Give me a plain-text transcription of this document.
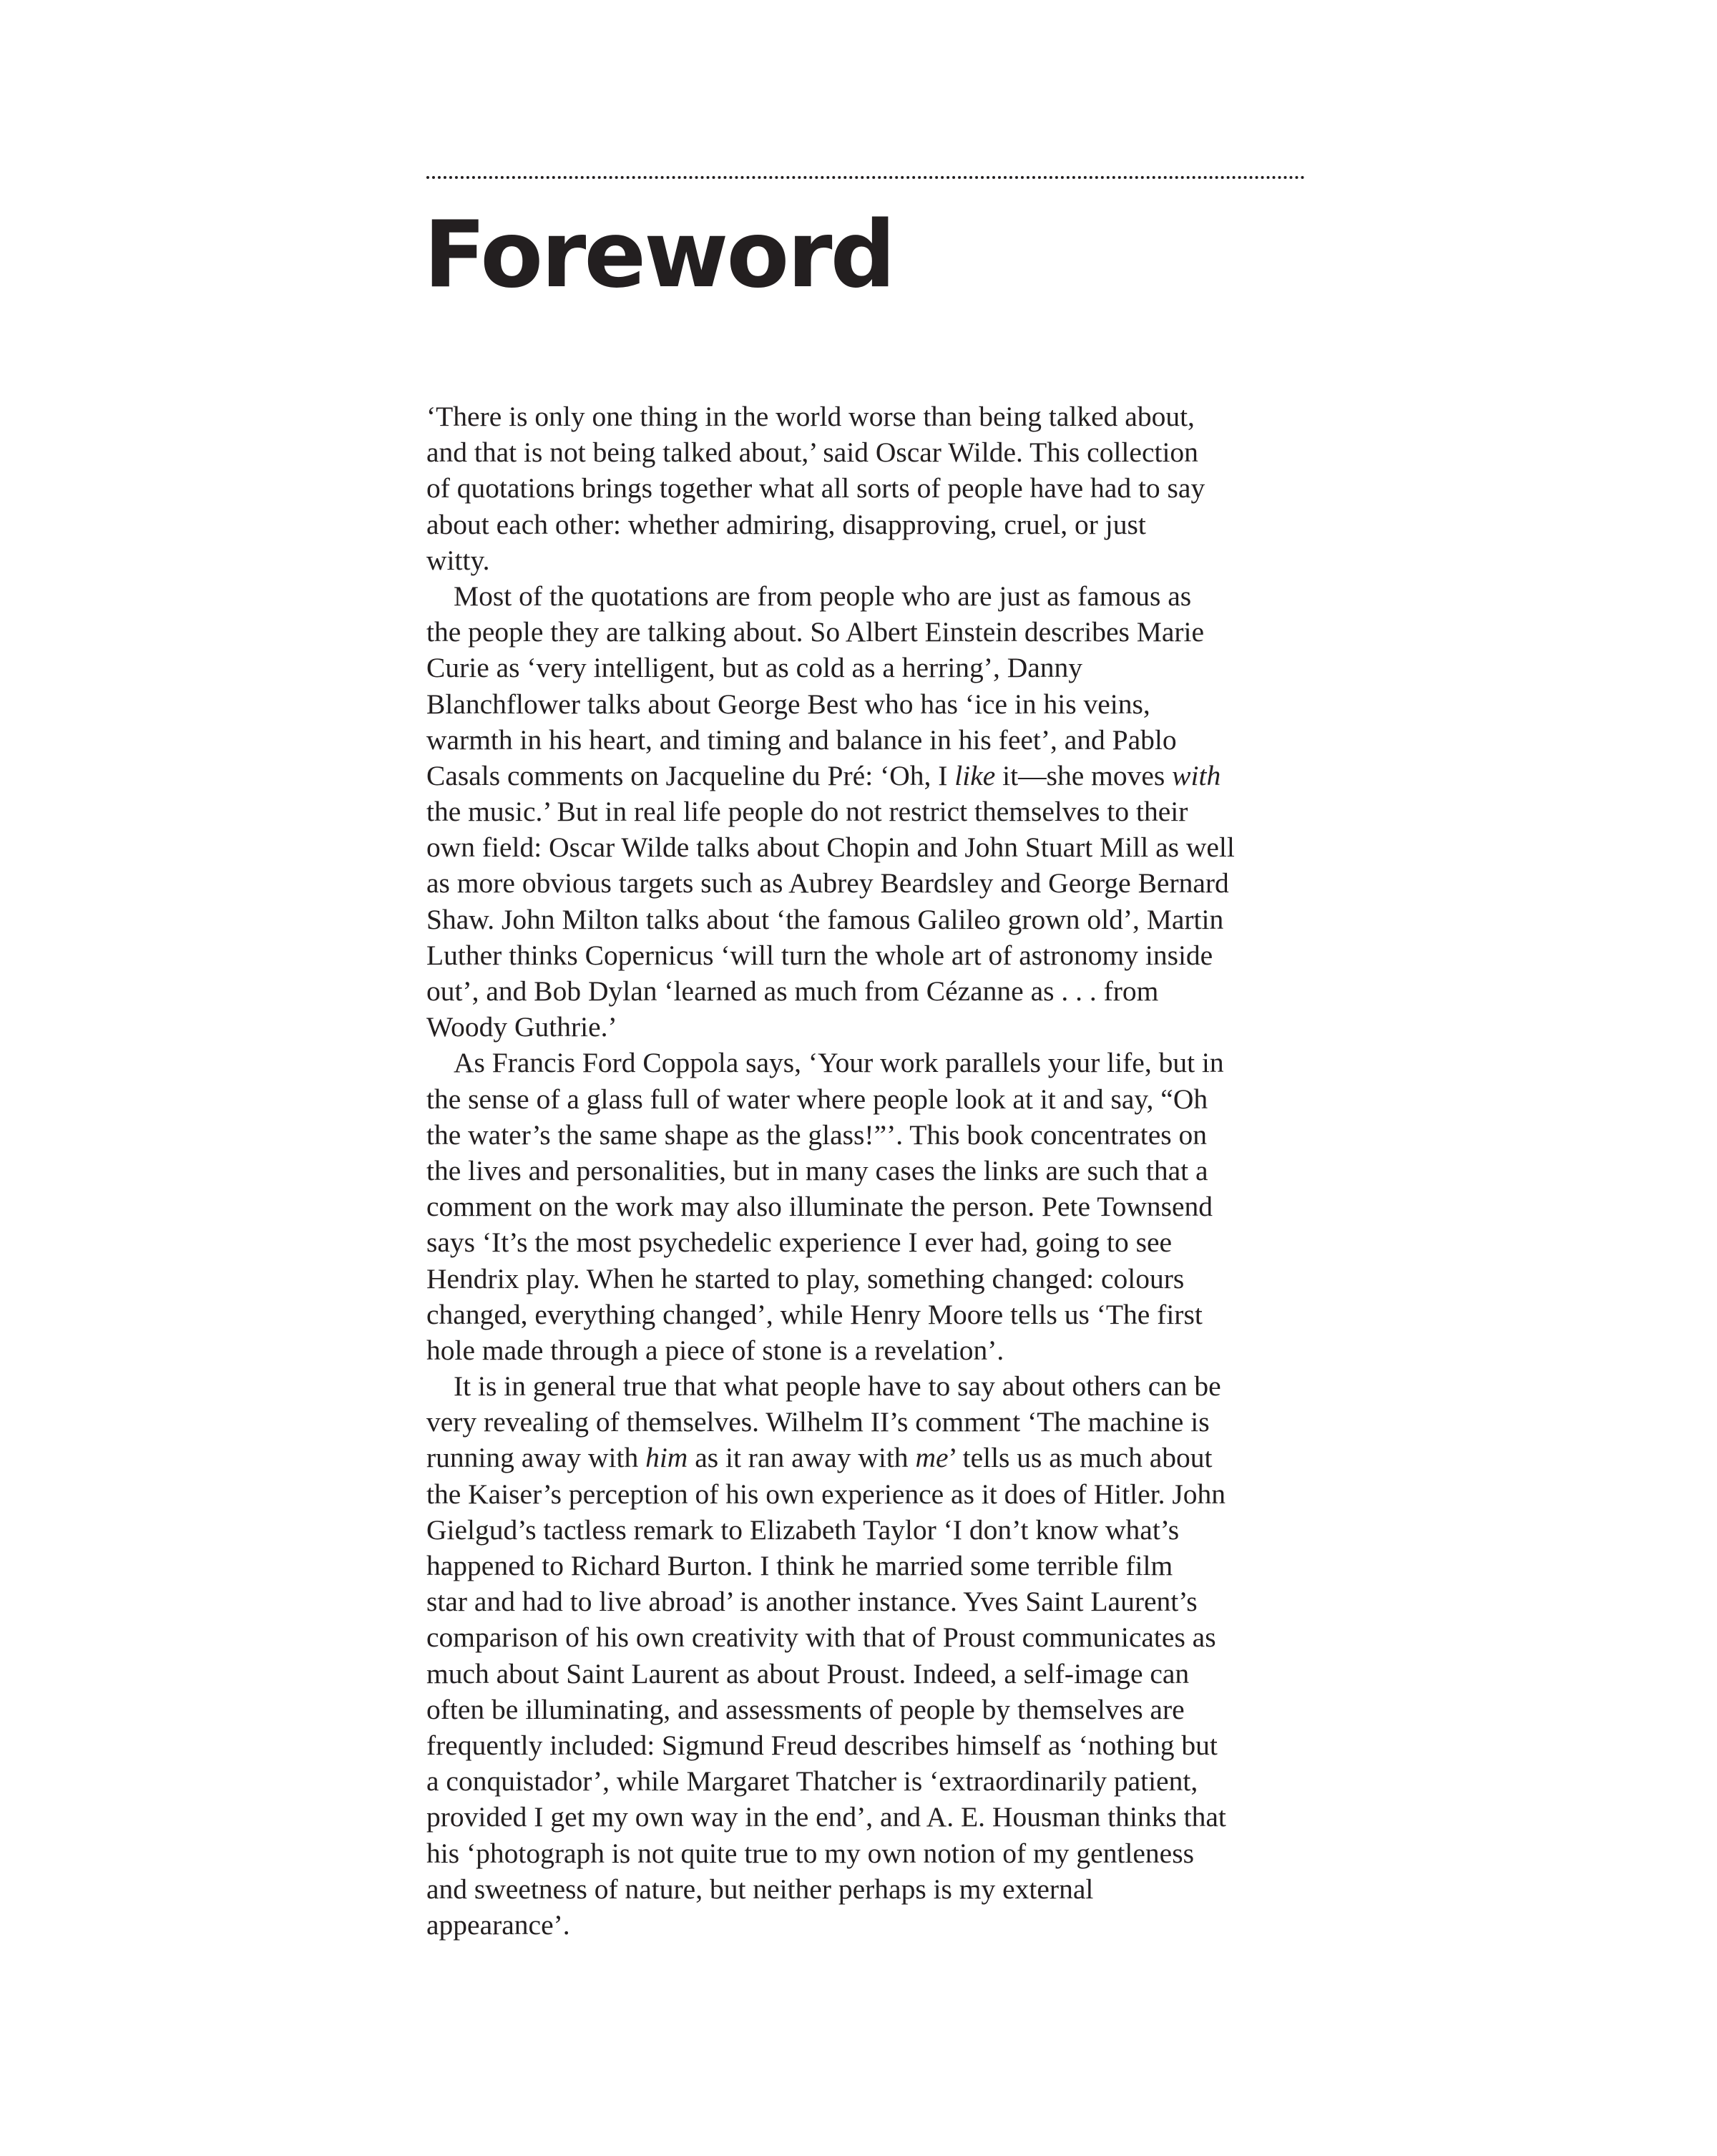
Foreword
‘There is only one thing in the world worse than being talked about,
and that is not being talked about,’ said Oscar Wilde. This collection
of quotations brings together what all sorts of people have had to say
about each other: whether admiring, disapproving, cruel, or just
witty.
Most of the quotations are from people who are just as famous as
the people they are talking about. So Albert Einstein describes Marie
Curie as ‘very intelligent, but as cold as a herring’, Danny
Blanchflower talks about George Best who has ‘ice in his veins,
warmth in his heart, and timing and balance in his feet’, and Pablo
Casals comments on Jacqueline du Pré: ‘Oh, I like it—she moves with
the music.’ But in real life people do not restrict themselves to their
own field: Oscar Wilde talks about Chopin and John Stuart Mill as well
as more obvious targets such as Aubrey Beardsley and George Bernard
Shaw. John Milton talks about ‘the famous Galileo grown old’, Martin
Luther thinks Copernicus ‘will turn the whole art of astronomy inside
out’, and Bob Dylan ‘learned as much from Cézanne as . . . from
Woody Guthrie.’
As Francis Ford Coppola says, ‘Your work parallels your life, but in
the sense of a glass full of water where people look at it and say, “Oh
the water’s the same shape as the glass!”’. This book concentrates on
the lives and personalities, but in many cases the links are such that a
comment on the work may also illuminate the person. Pete Townsend
says ‘It’s the most psychedelic experience I ever had, going to see
Hendrix play. When he started to play, something changed: colours
changed, everything changed’, while Henry Moore tells us ‘The first
hole made through a piece of stone is a revelation’.
It is in general true that what people have to say about others can be
very revealing of themselves. Wilhelm II’s comment ‘The machine is
running away with him as it ran away with me’ tells us as much about
the Kaiser’s perception of his own experience as it does of Hitler. John
Gielgud’s tactless remark to Elizabeth Taylor ‘I don’t know what’s
happened to Richard Burton. I think he married some terrible film
star and had to live abroad’ is another instance. Yves Saint Laurent’s
comparison of his own creativity with that of Proust communicates as
much about Saint Laurent as about Proust. Indeed, a self-image can
often be illuminating, and assessments of people by themselves are
frequently included: Sigmund Freud describes himself as ‘nothing but
a conquistador’, while Margaret Thatcher is ‘extraordinarily patient,
provided I get my own way in the end’, and A. E. Housman thinks that
his ‘photograph is not quite true to my own notion of my gentleness
and sweetness of nature, but neither perhaps is my external
appearance’.
